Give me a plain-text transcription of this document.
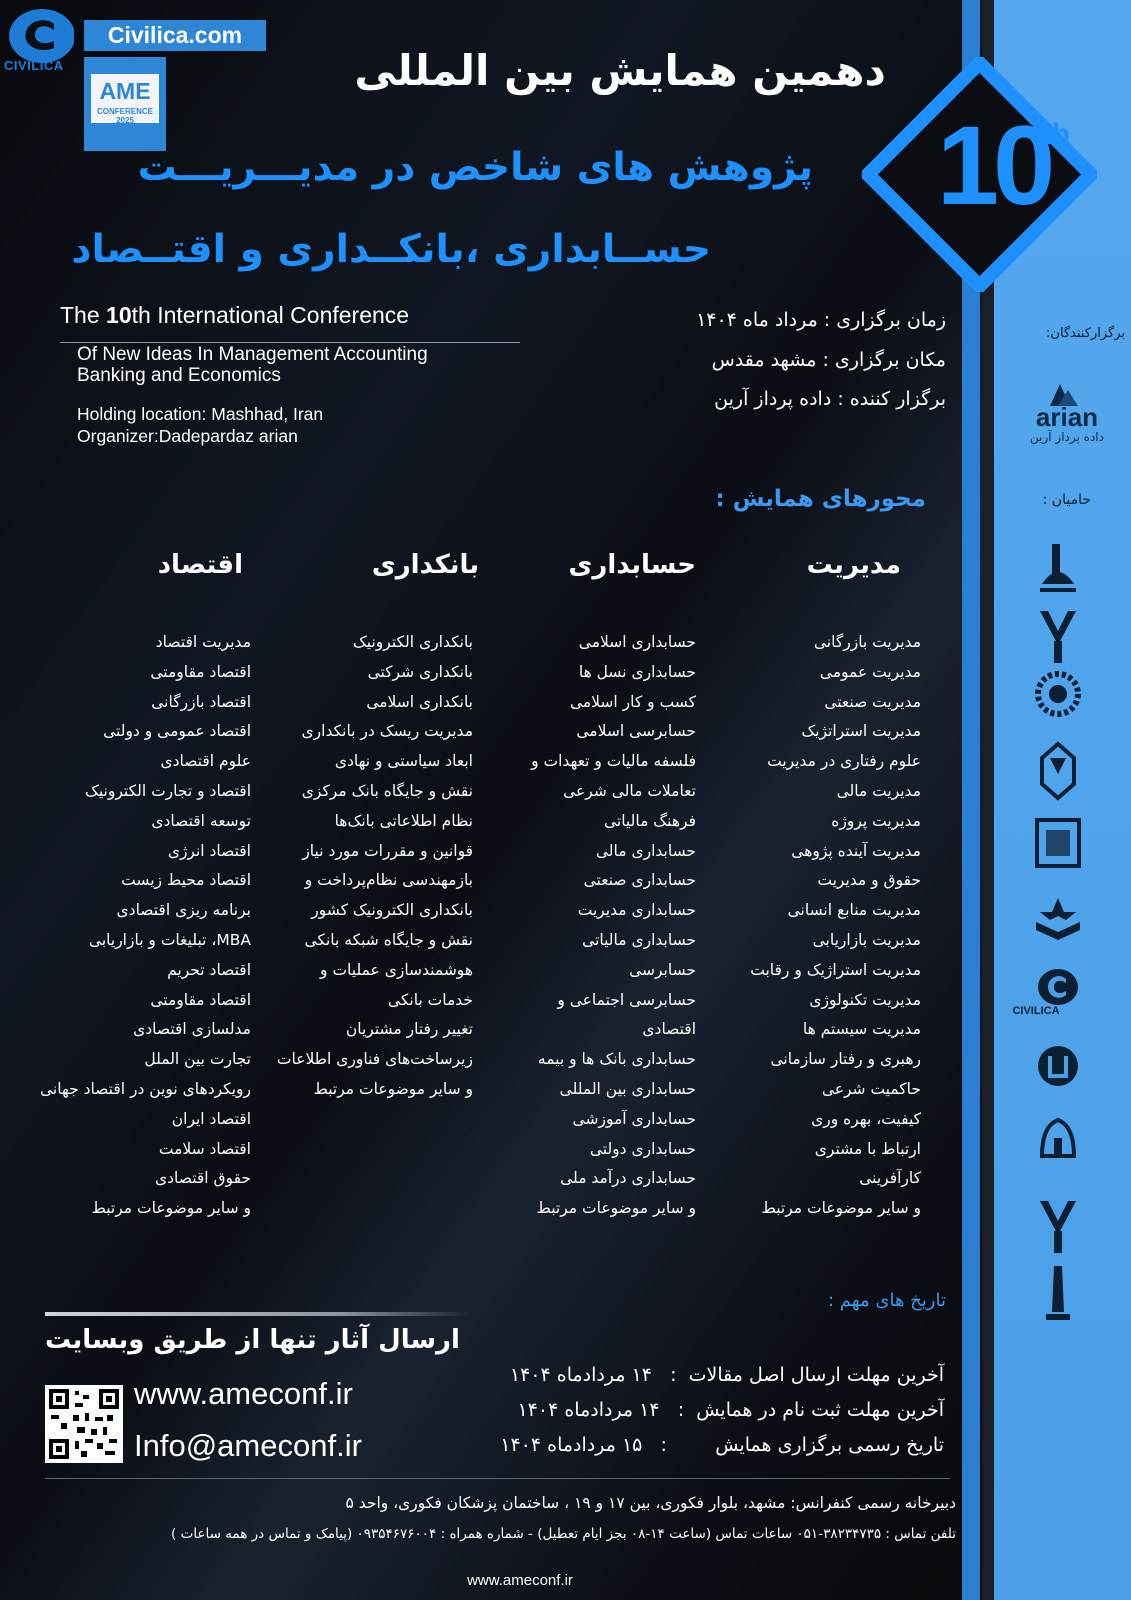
10
th
CIVILICA
Civilica.com
AME
CONFERENCE 2025
دهمین همایش بین المللی
پژوهش های شاخص در مدیـــریـــت
حســابداری ،بانکــداری و اقتــصاد
The 10th International Conference
Of New Ideas In Management Accounting
Banking and Economics
Holding location: Mashhad, Iran
Organizer:Dadepardaz arian
زمان برگزاری : مرداد ماه ۱۴۰۴
مکان برگزاری : مشهد مقدس
برگزار کننده : داده پرداز آرین
برگزارکنندگان:
arian
داده پرداز آرین
حامیان :
CIVILICA
محورهای همایش :
مدیریت
حسابداری
بانکداری
اقتصاد
مدیریت بازرگانی
مدیریت عمومی
مدیریت صنعتی
مدیریت استراتژیک
علوم رفتاری در مدیریت
مدیریت مالی
مدیریت پروژه
مدیریت آینده پژوهی
حقوق و مدیریت
مدیریت منابع انسانی
مدیریت بازاریابی
مدیریت استراژیک و رقابت
مدیریت تکنولوژی
مدیریت سیستم ها
رهبری و رفتار سازمانی
حاکمیت شرعی
کیفیت، بهره وری
ارتباط با مشتری
کارآفرینی
و سایر موضوعات مرتبط
حسابداری اسلامی
حسابداری نسل ها
کسب و کار اسلامی
حسابرسی اسلامی
فلسفه مالیات و تعهدات و
تعاملات مالی شرعی
فرهنگ مالیاتی
حسابداری مالی
حسابداری صنعتی
حسابداری مدیریت
حسابداری مالیاتی
حسابرسی
حسابرسی اجتماعی و
اقتصادی
حسابداری بانک ها و بیمه
حسابداری بین المللی
حسابداری آموزشی
حسابداری دولتی
حسابداری درآمد ملی
و سایر موضوعات مرتبط
بانکداری الکترونیک
بانکداری شرکتی
بانکداری اسلامی
مدیریت ریسک در بانکداری
ابعاد سیاستی و نهادی
نقش و جایگاه بانک مرکزی
نظام اطلاعاتی بانک‌ها
قوانین و مقررات مورد نیاز
بازمهندسی نظام‌پرداخت و
بانکداری الکترونیک کشور
نقش و جایگاه شبکه بانکی
هوشمندسازی عملیات و
خدمات بانکی
تغییر رفتار مشتریان
زیرساخت‌های فناوری اطلاعات
و سایر موضوعات مرتبط
مدیریت اقتصاد
اقتصاد مقاومتی
اقتصاد بازرگانی
اقتصاد عمومی و دولتی
علوم اقتصادی
اقتصاد و تجارت الکترونیک
توسعه اقتصادی
اقتصاد انرژی
اقتصاد محیط زیست
برنامه ریزی اقتصادی
MBA، تبلیغات و بازاریابی
اقتصاد تحریم
اقتصاد مقاومتی
مدلسازی اقتصادی
تجارت بین الملل
رویکردهای نوین در اقتصاد جهانی
اقتصاد ایران
اقتصاد سلامت
حقوق اقتصادی
و سایر موضوعات مرتبط
تاریخ های مهم :
آخرین مهلت ارسال اصل مقالات  :   ۱۴ مردادماه ۱۴۰۴
آخرین مهلت ثبت نام در همایش  :   ۱۴ مردادماه ۱۴۰۴
تاریخ رسمی برگزاری همایش        :   ۱۵ مردادماه ۱۴۰۴
ارسال آثار تنها از طریق وبسایت
www.ameconf.ir
Info@ameconf.ir
دبیرخانه رسمی کنفرانس: مشهد، بلوار فکوری، بین ۱۷ و ۱۹ ، ساختمان پزشکان فکوری، واحد ۵
تلفن تماس : ۳۸۲۳۴۷۳۵-۰۵۱ ساعات تماس (ساعت ۱۴-۰۸ بجز ایام تعطیل) - شماره همراه : ۰۹۳۵۴۶۷۶۰۰۴ (پیامک و تماس در همه ساعات )
www.ameconf.ir
